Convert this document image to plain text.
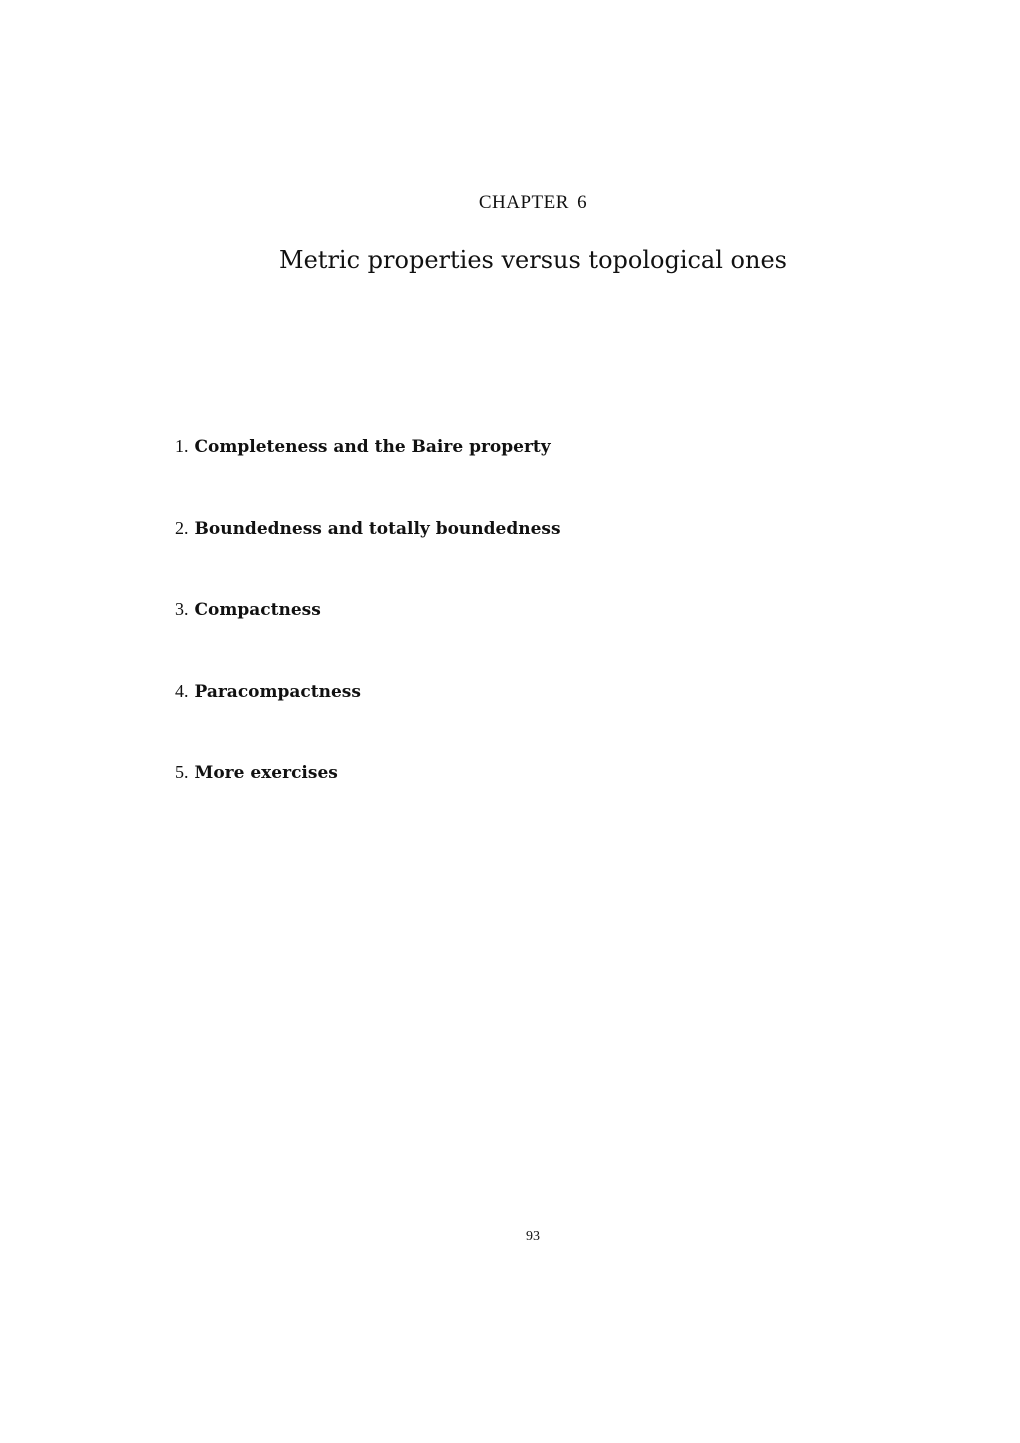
CHAPTER 6
Metric properties versus topological ones
1. Completeness and the Baire property
2. Boundedness and totally boundedness
3. Compactness
4. Paracompactness
5. More exercises
93
